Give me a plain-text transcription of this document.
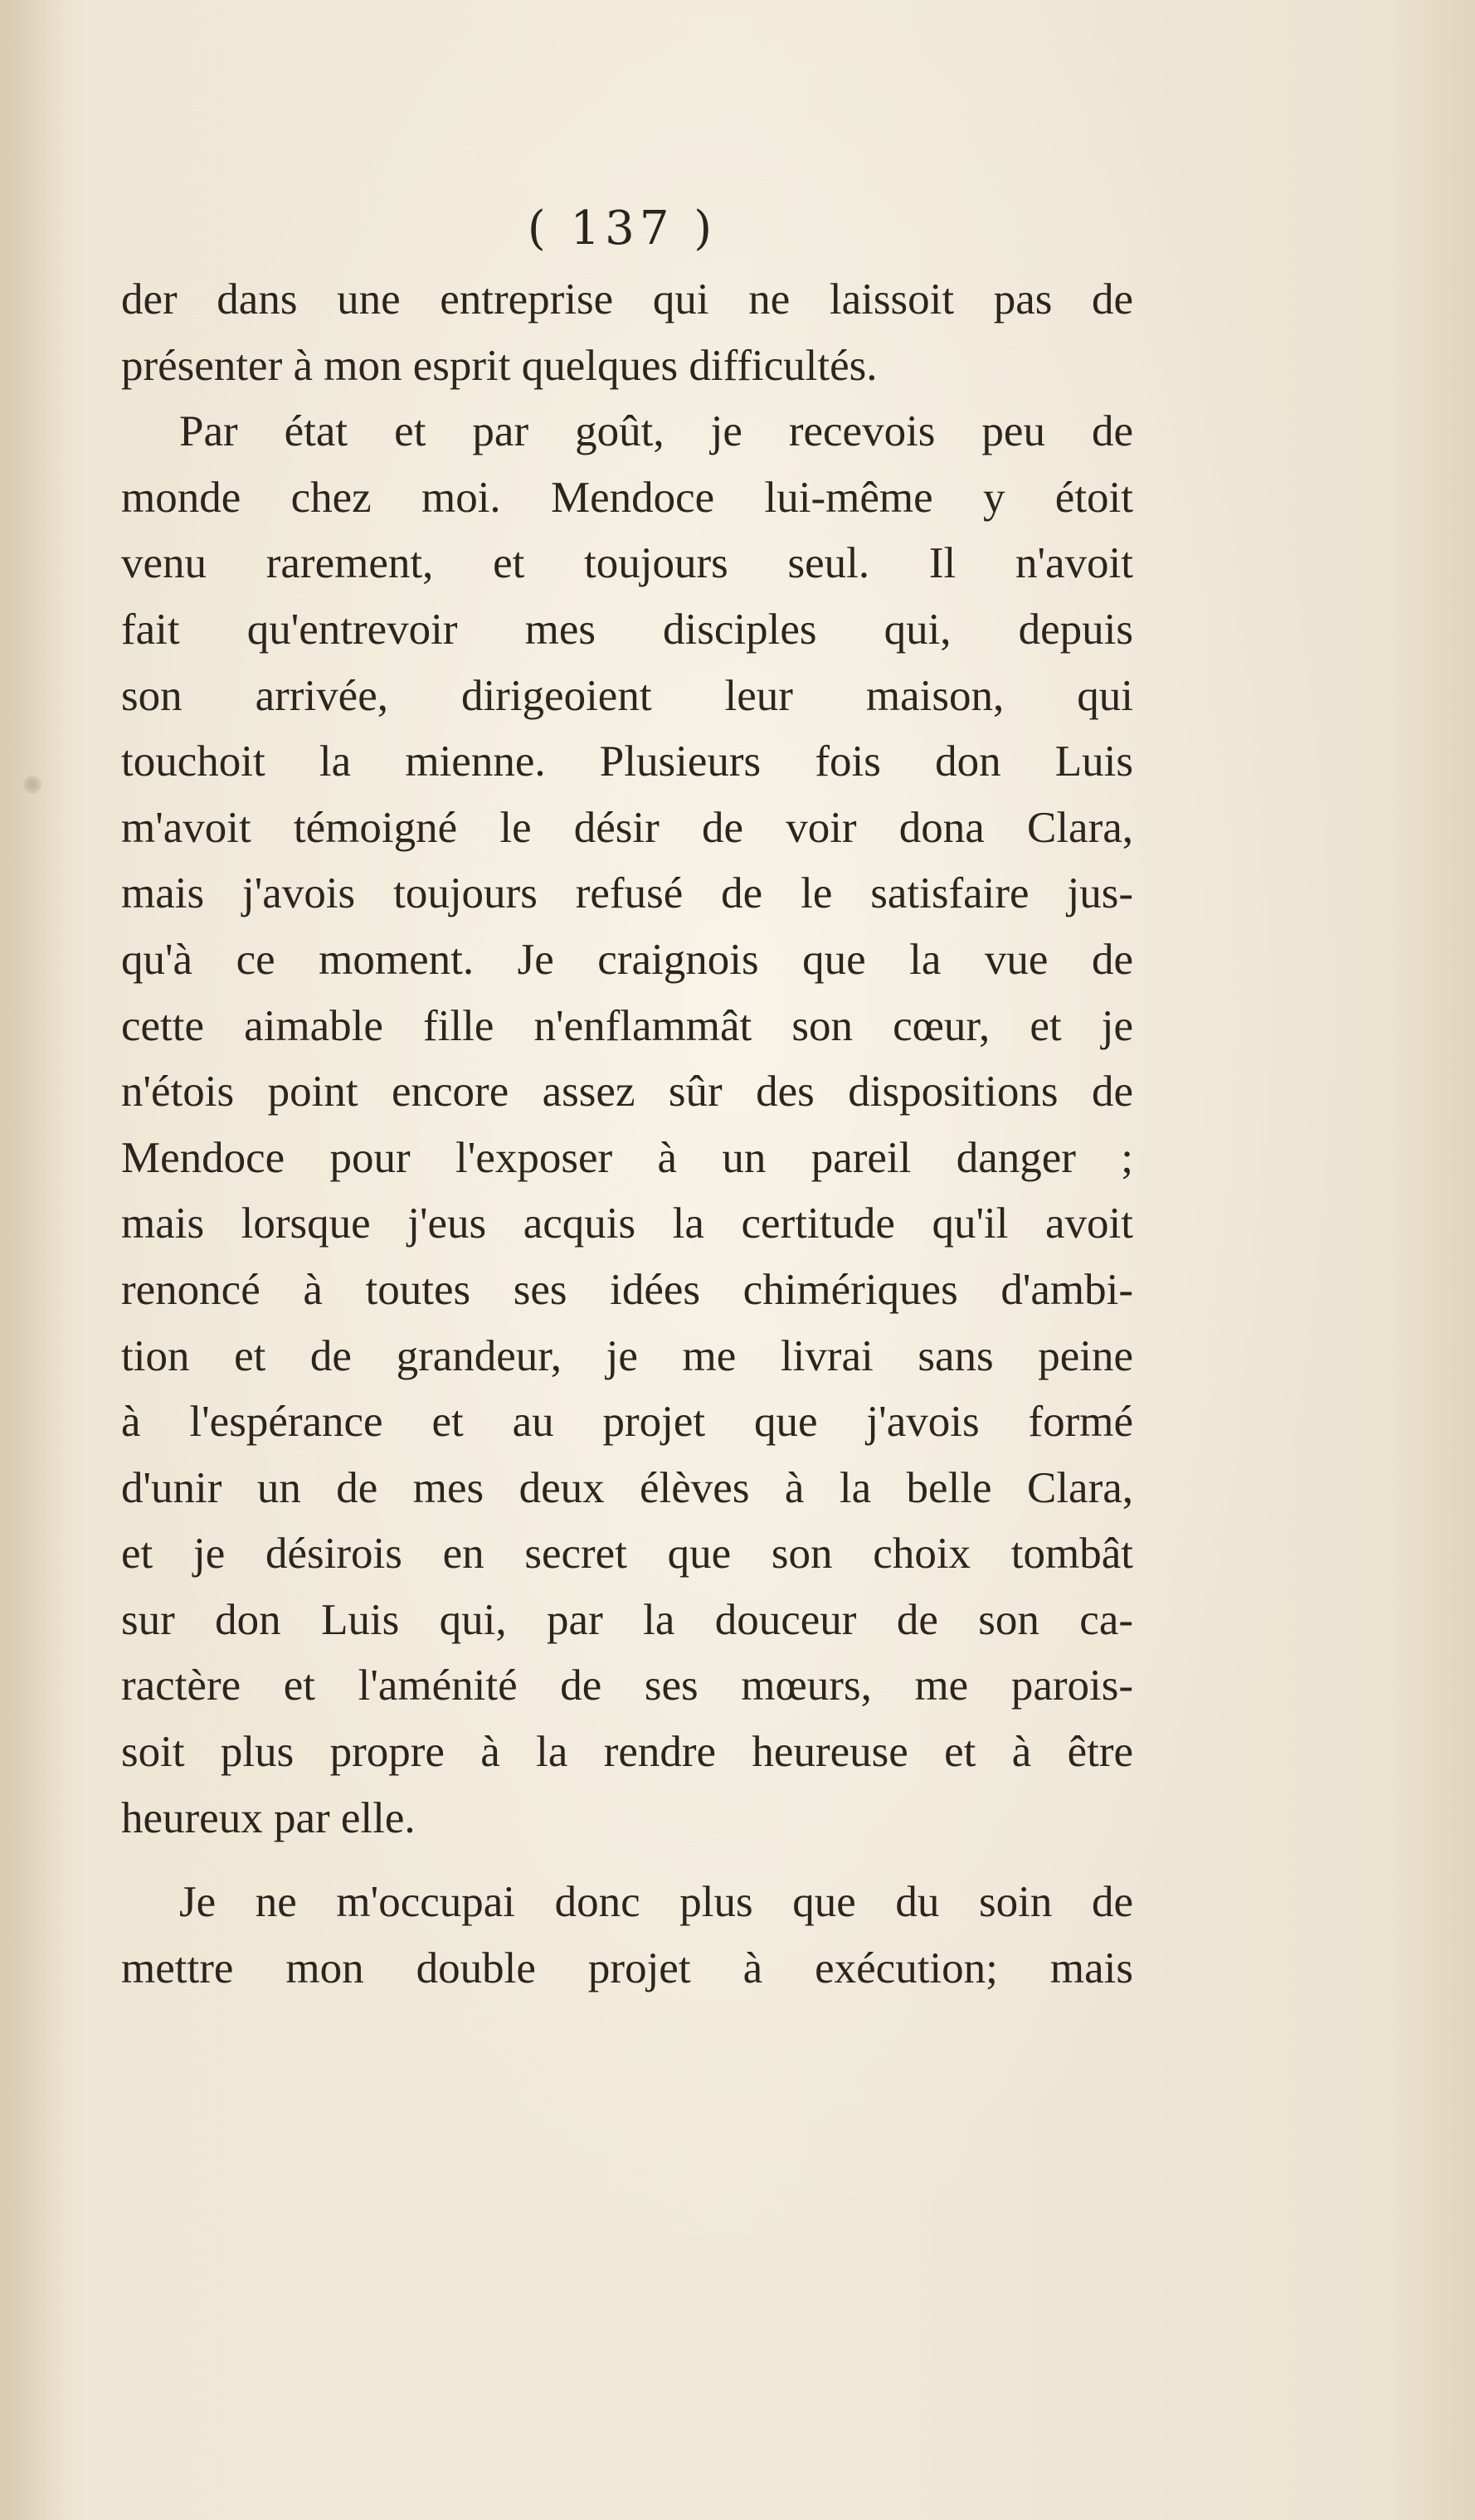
( 137 )
der dans une entreprise qui ne laissoit pas de
présenter à mon esprit quelques difficultés.
Par état et par goût, je recevois peu de
monde chez moi. Mendoce lui-même y étoit
venu rarement, et toujours seul. Il n'avoit
fait qu'entrevoir mes disciples qui, depuis
son arrivée, dirigeoient leur maison, qui
touchoit la mienne. Plusieurs fois don Luis
m'avoit témoigné le désir de voir dona Clara,
mais j'avois toujours refusé de le satisfaire jus-
qu'à ce moment. Je craignois que la vue de
cette aimable fille n'enflammât son cœur, et je
n'étois point encore assez sûr des dispositions de
Mendoce pour l'exposer à un pareil danger ;
mais lorsque j'eus acquis la certitude qu'il avoit
renoncé à toutes ses idées chimériques d'ambi-
tion et de grandeur, je me livrai sans peine
à l'espérance et au projet que j'avois formé
d'unir un de mes deux élèves à la belle Clara,
et je désirois en secret que son choix tombât
sur don Luis qui, par la douceur de son ca-
ractère et l'aménité de ses mœurs, me parois-
soit plus propre à la rendre heureuse et à être
heureux par elle.
Je ne m'occupai donc plus que du soin de
mettre mon double projet à exécution; mais
